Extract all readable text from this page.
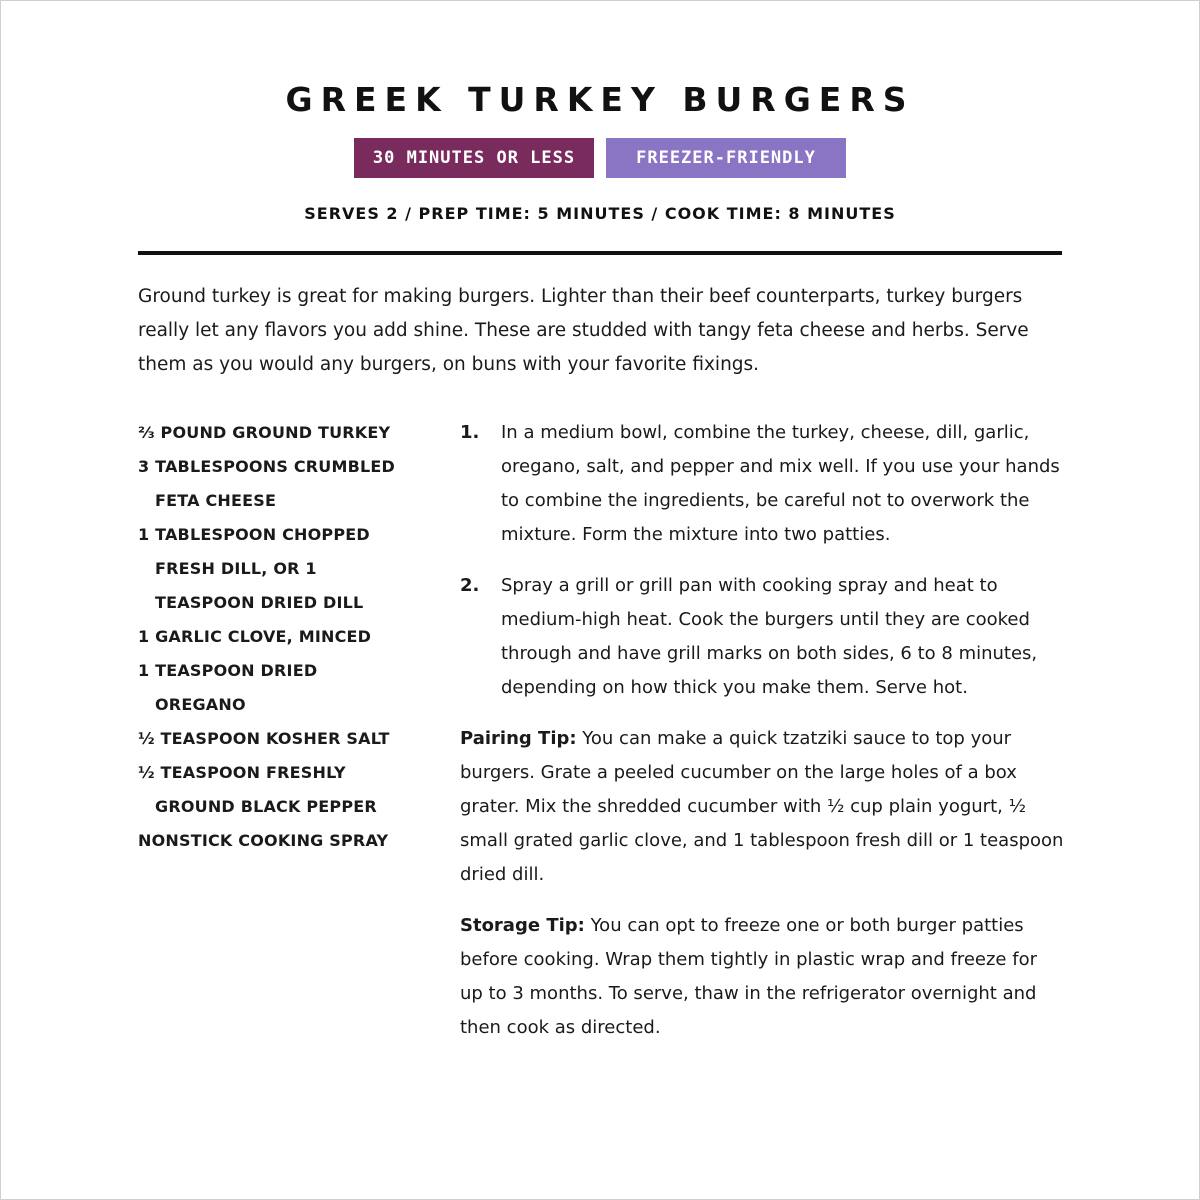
GREEK TURKEY BURGERS
30 MINUTES OR LESS	FREEZER-FRIENDLY
SERVES 2 / PREP TIME: 5 MINUTES / COOK TIME: 8 MINUTES

Ground turkey is great for making burgers. Lighter than their beef counterparts, turkey burgers really let any flavors you add shine. These are studded with tangy feta cheese and herbs. Serve them as you would any burgers, on buns with your favorite fixings.

⅔ POUND GROUND TURKEY
3 TABLESPOONS CRUMBLED FETA CHEESE
1 TABLESPOON CHOPPED FRESH DILL, OR 1 TEASPOON DRIED DILL
1 GARLIC CLOVE, MINCED
1 TEASPOON DRIED OREGANO
½ TEASPOON KOSHER SALT
½ TEASPOON FRESHLY GROUND BLACK PEPPER
NONSTICK COOKING SPRAY
1.	In a medium bowl, combine the turkey, cheese, dill, garlic, oregano, salt, and pepper and mix well. If you use your hands to combine the ingredients, be careful not to overwork the mixture. Form the mixture into two patties.
2.	Spray a grill or grill pan with cooking spray and heat to medium-high heat. Cook the burgers until they are cooked through and have grill marks on both sides, 6 to 8 minutes, depending on how thick you make them. Serve hot.
Pairing Tip: You can make a quick tzatziki sauce to top your burgers. Grate a peeled cucumber on the large holes of a box grater. Mix the shredded cucumber with ½ cup plain yogurt, ½ small grated garlic clove, and 1 tablespoon fresh dill or 1 teaspoon dried dill.
Storage Tip: You can opt to freeze one or both burger patties before cooking. Wrap them tightly in plastic wrap and freeze for up to 3 months. To serve, thaw in the refrigerator overnight and then cook as directed.
